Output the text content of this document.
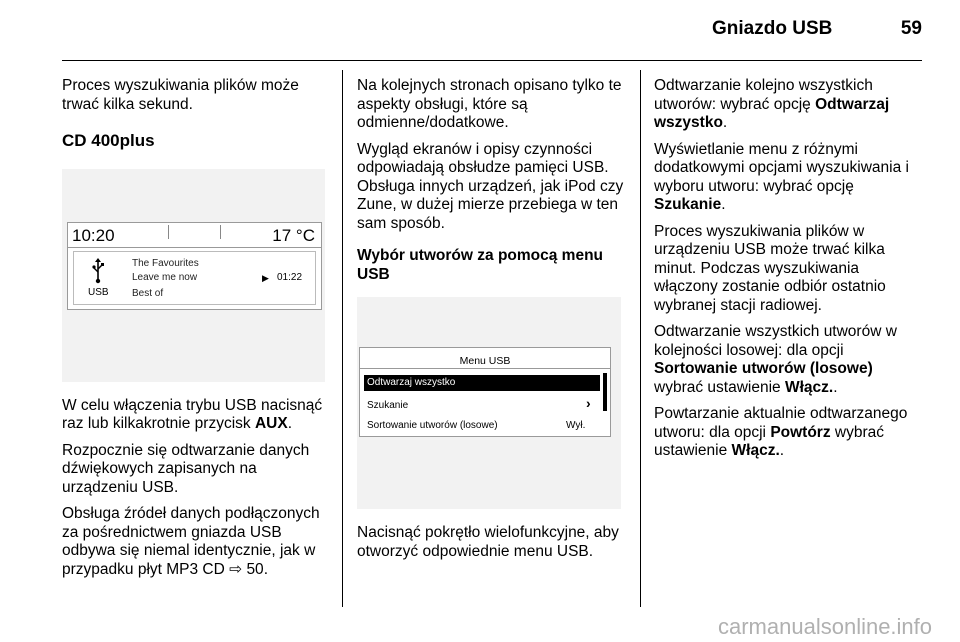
Gniazdo USB	59

Proces wyszukiwania plików może trwać kilka sekund.

CD 400plus
10:20	17 °C
USB
The Favourites
Leave me now
Best of
▶ 01:22

W celu włączenia trybu USB nacisnąć raz lub kilkakrotnie przycisk AUX.

Rozpocznie się odtwarzanie danych dźwiękowych zapisanych na urządzeniu USB.

Obsługa źródeł danych podłączonych za pośrednictwem gniazda USB odbywa się niemal identycznie, jak w przypadku płyt MP3 CD ⇨ 50.

Na kolejnych stronach opisano tylko te aspekty obsługi, które są odmienne/dodatkowe.

Wygląd ekranów i opisy czynności odpowiadają obsłudze pamięci USB. Obsługa innych urządzeń, jak iPod czy Zune, w dużej mierze przebiega w ten sam sposób.

Wybór utworów za pomocą menu USB

Menu USB
Odtwarzaj wszystko
Szukanie	›
Sortowanie utworów (losowe)	Wył.

Nacisnąć pokrętło wielofunkcyjne, aby otworzyć odpowiednie menu USB.

Odtwarzanie kolejno wszystkich utworów: wybrać opcję Odtwarzaj wszystko.

Wyświetlanie menu z różnymi dodatkowymi opcjami wyszukiwania i wyboru utworu: wybrać opcję Szukanie.

Proces wyszukiwania plików w urządzeniu USB może trwać kilka minut. Podczas wyszukiwania włączony zostanie odbiór ostatnio wybranej stacji radiowej.

Odtwarzanie wszystkich utworów w kolejności losowej: dla opcji Sortowanie utworów (losowe) wybrać ustawienie Włącz..

Powtarzanie aktualnie odtwarzanego utworu: dla opcji Powtórz wybrać ustawienie Włącz..

carmanualsonline.info
